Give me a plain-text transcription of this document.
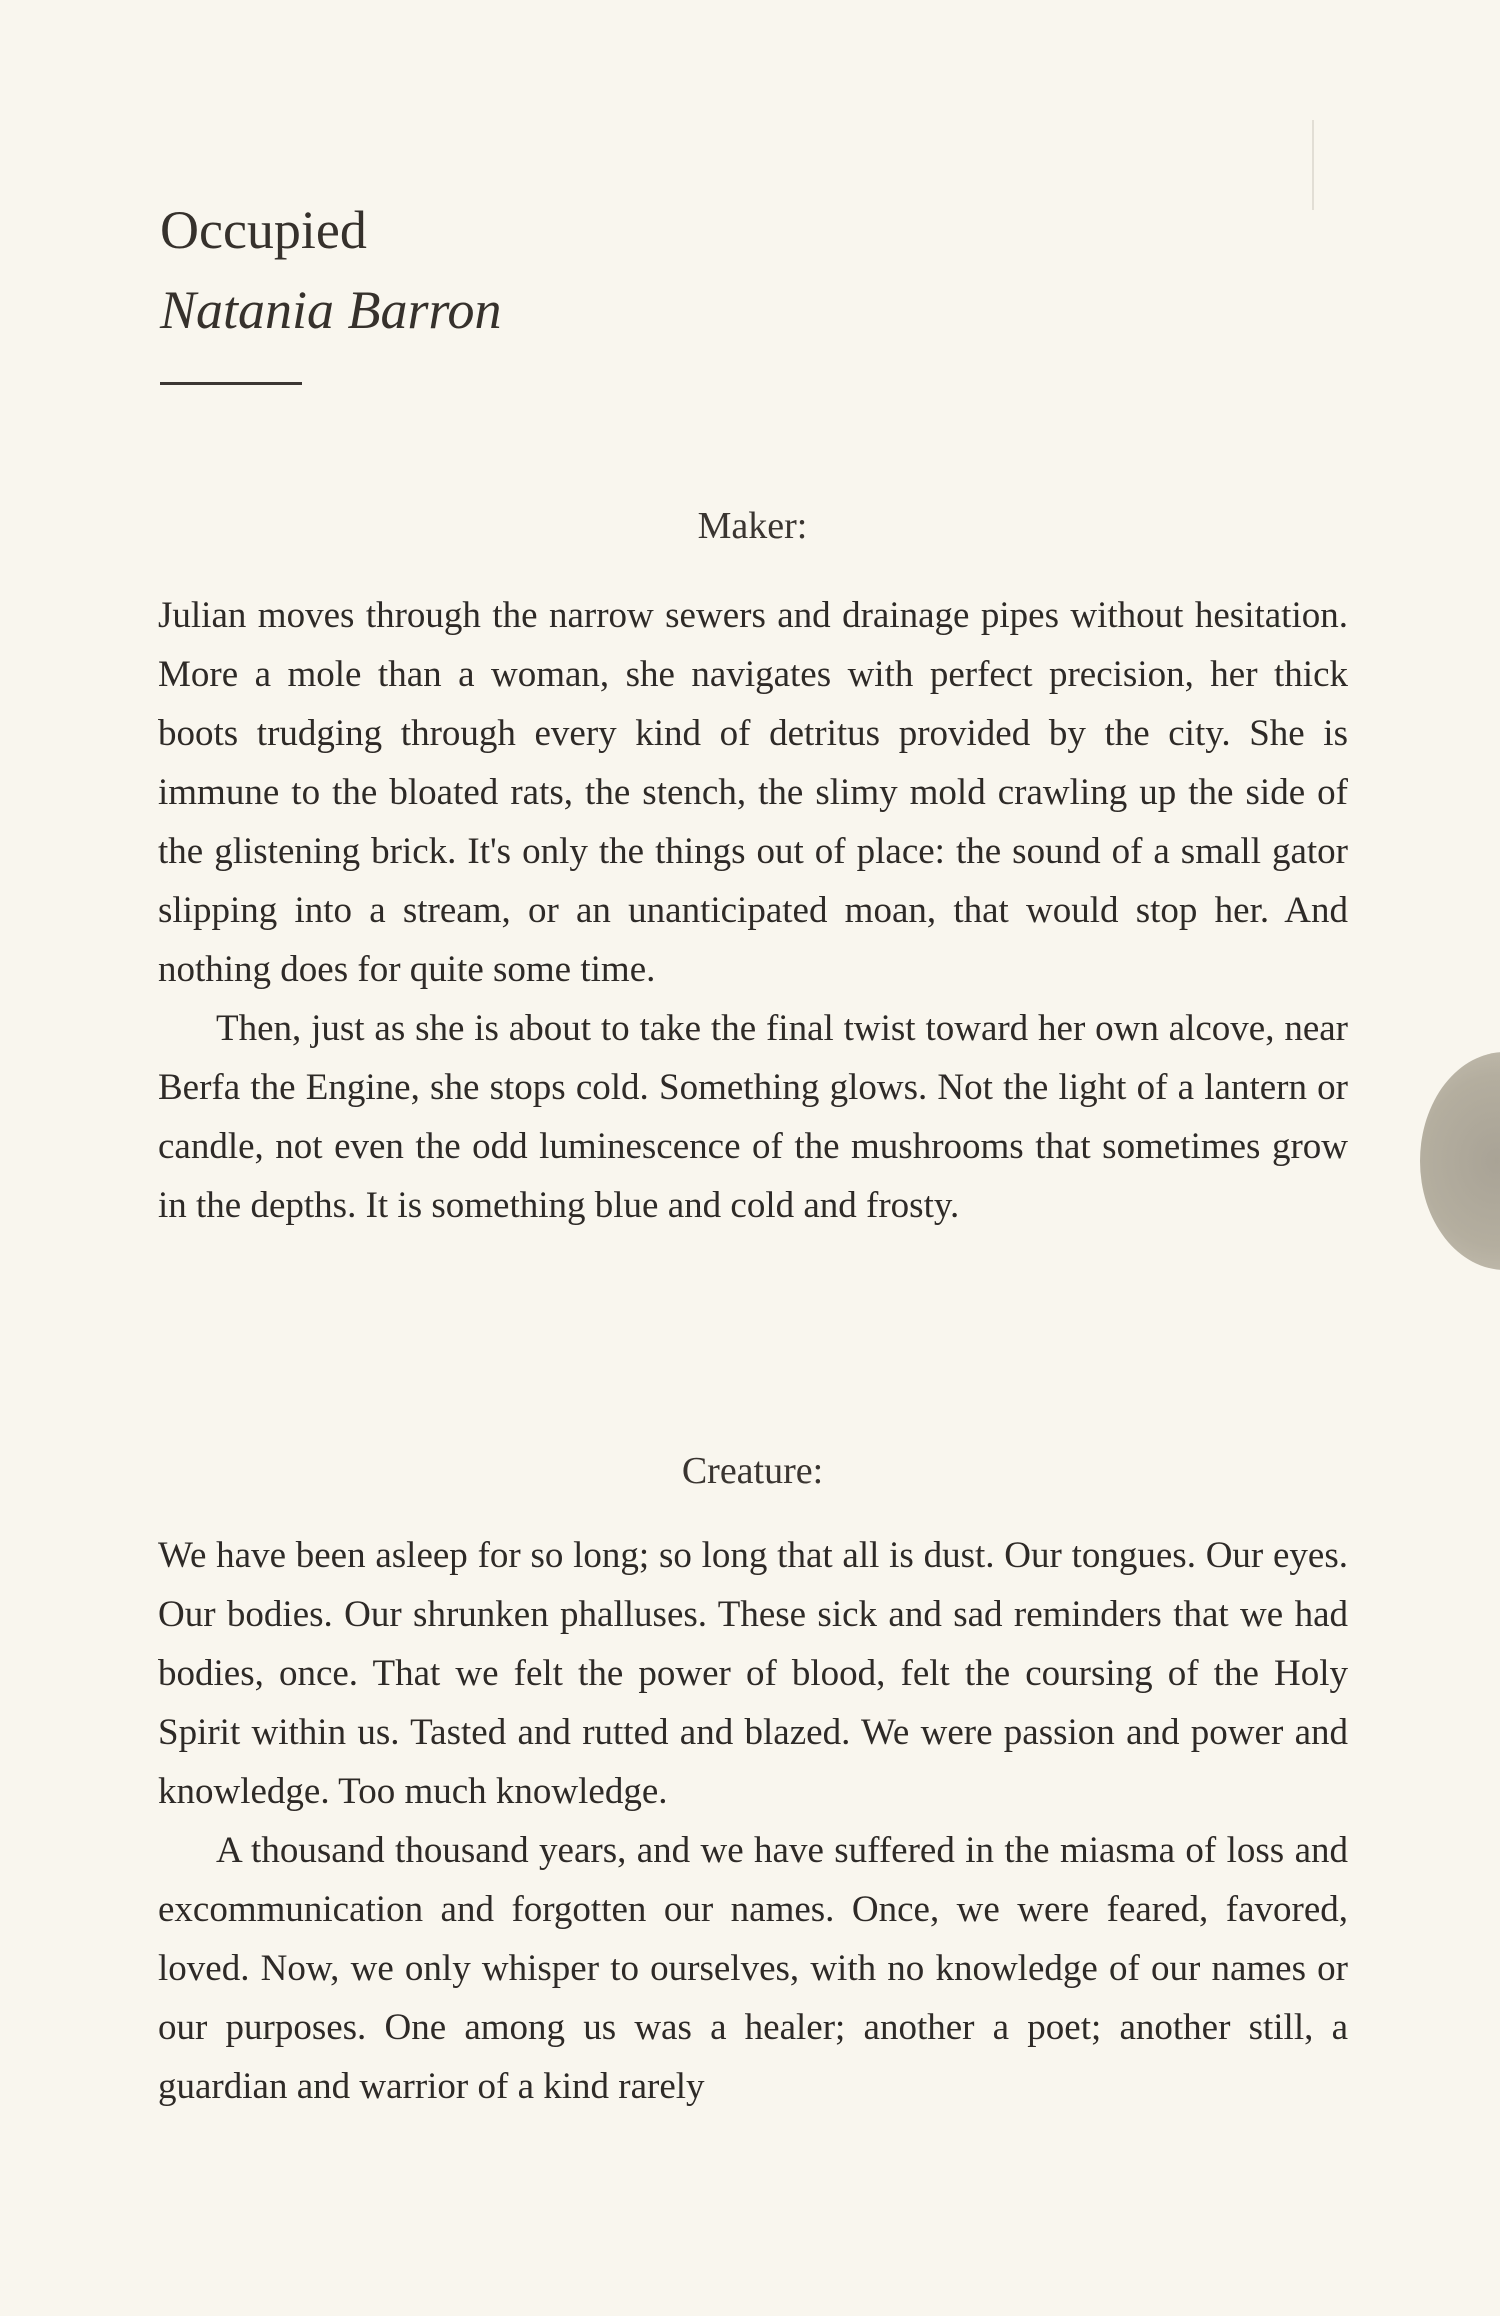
Occupied
Natania Barron
Maker:

Julian moves through the narrow sewers and drainage pipes without hesitation. More a mole than a woman, she navigates with perfect precision, her thick boots trudging through every kind of detritus provided by the city. She is immune to the bloated rats, the stench, the slimy mold crawling up the side of the glistening brick. It's only the things out of place: the sound of a small gator slipping into a stream, or an unanticipated moan, that would stop her. And nothing does for quite some time.

Then, just as she is about to take the final twist toward her own alcove, near Berfa the Engine, she stops cold. Something glows. Not the light of a lantern or candle, not even the odd luminescence of the mushrooms that sometimes grow in the depths. It is something blue and cold and frosty.

Creature:

We have been asleep for so long; so long that all is dust. Our tongues. Our eyes. Our bodies. Our shrunken phalluses. These sick and sad reminders that we had bodies, once. That we felt the power of blood, felt the coursing of the Holy Spirit within us. Tasted and rutted and blazed. We were passion and power and knowledge. Too much knowledge.

A thousand thousand years, and we have suffered in the miasma of loss and excommunication and forgotten our names. Once, we were feared, favored, loved. Now, we only whisper to ourselves, with no knowledge of our names or our purposes. One among us was a healer; another a poet; another still, a guardian and warrior of a kind rarely
